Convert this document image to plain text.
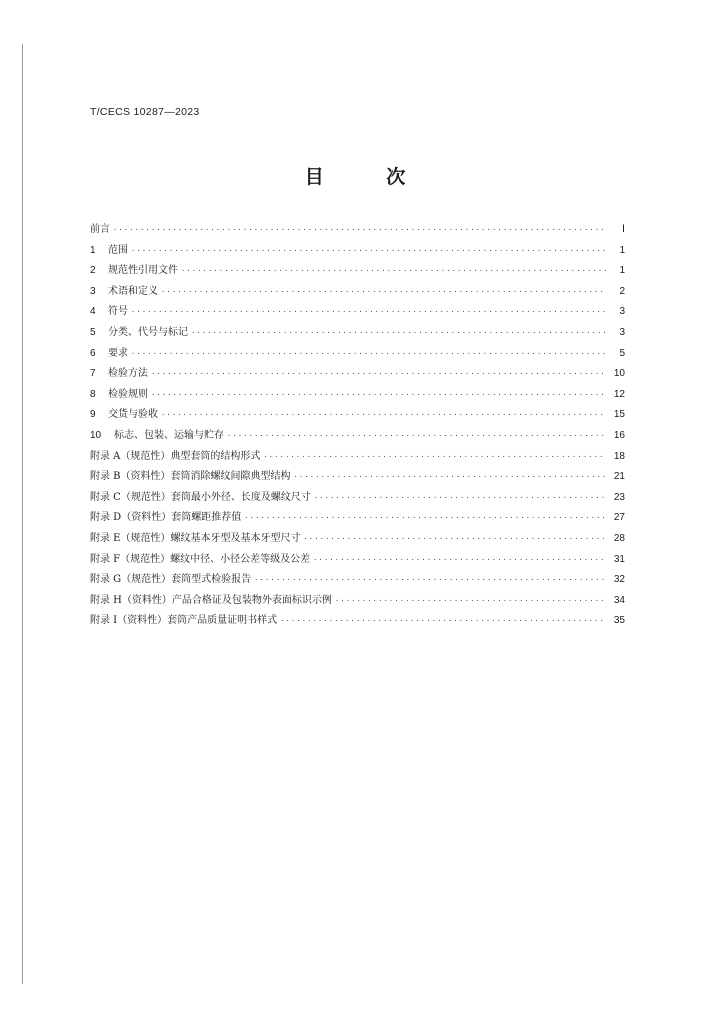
T/CECS 10287—2023
目 次
前言 ·····	Ⅰ
1	范围 ·····	1
2	规范性引用文件 ·····	1
3	术语和定义 ·····	2
4	符号 ·····	3
5	分类、代号与标记 ·····	3
6	要求 ·····	5
7	检验方法 ·····	10
8	检验规则 ·····	12
9	交货与验收 ·····	15
10	标志、包装、运输与贮存 ·····	16
附录 A（规范性） 典型套筒的结构形式 ·····	18
附录 B（资料性） 套筒消除螺纹间隙典型结构 ·····	21
附录 C（规范性） 套筒最小外径、长度及螺纹尺寸 ·····	23
附录 D（资料性） 套筒螺距推荐值 ·····	27
附录 E（规范性） 螺纹基本牙型及基本牙型尺寸 ·····	28
附录 F（规范性） 螺纹中径、小径公差等级及公差 ·····	31
附录 G（规范性） 套筒型式检验报告 ·····	32
附录 H（资料性） 产品合格证及包装物外表面标识示例 ·····	34
附录 I（资料性） 套筒产品质量证明书样式 ·····	35
